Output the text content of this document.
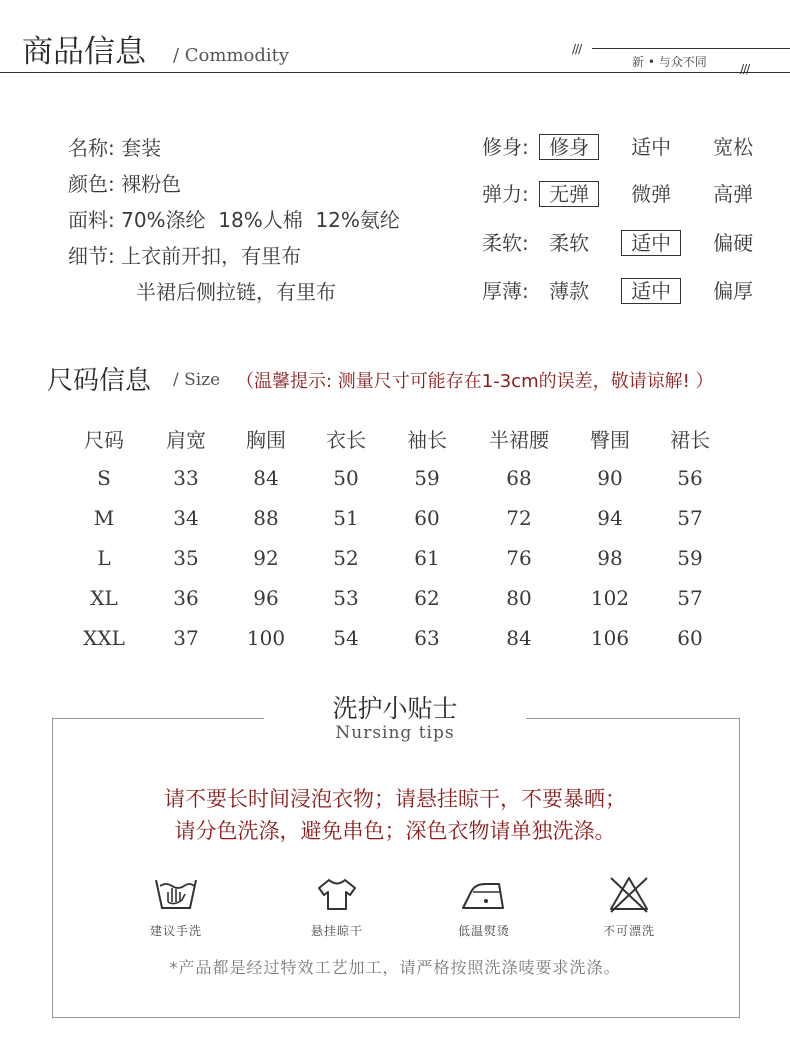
商品信息 / Commodity	///
新 • 与众不同	///
名称: 套装
颜色: 裸粉色
面料: 70%涤纶  18%人棉  12%氨纶
细节: 上衣前开扣，有里布
半裙后侧拉链，有里布
修身: 修身 适中 宽松
弹力: 无弹 微弹 高弹
柔软: 柔软 适中 偏硬
厚薄: 薄款 适中 偏厚
尺码信息 / Size （温馨提示: 测量尺寸可能存在1-3cm的误差，敬请谅解! ）
尺码	肩宽	胸围	衣长	袖长	半裙腰	臀围	裙长
S	33	84	50	59	68	90	56
M	34	88	51	60	72	94	57
L	35	92	52	61	76	98	59
XL	36	96	53	62	80	102	57
XXL	37	100	54	63	84	106	60
洗护小贴士
Nursing tips
请不要长时间浸泡衣物；请悬挂晾干，不要暴晒；
请分色洗涤，避免串色；深色衣物请单独洗涤。
建议手洗	悬挂晾干	低温熨烫	不可漂洗
*产品都是经过特效工艺加工，请严格按照洗涤唛要求洗涤。
